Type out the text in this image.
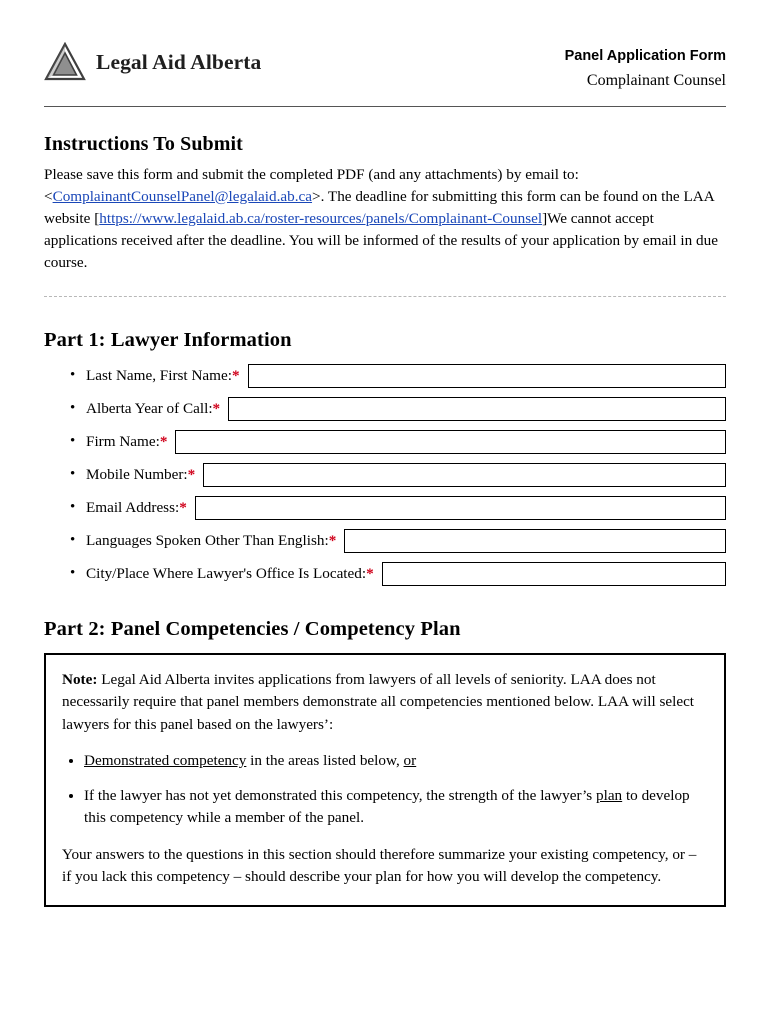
Legal Aid Alberta	Panel Application Form
Complainant Counsel
Instructions To Submit

Please save this form and submit the completed PDF (and any attachments) by email to: <ComplainantCounselPanel@legalaid.ab.ca>. The deadline for submitting this form can be found on the LAA website [https://www.legalaid.ab.ca/roster-resources/panels/Complainant-Counsel]We cannot accept applications received after the deadline. You will be informed of the results of your application by email in due course.

Part 1: Lawyer Information
• Last Name, First Name:*
• Alberta Year of Call:*
• Firm Name:*
• Mobile Number:*
• Email Address:*
• Languages Spoken Other Than English:*
• City/Place Where Lawyer's Office Is Located:*
Part 2: Panel Competencies / Competency Plan

Note: Legal Aid Alberta invites applications from lawyers of all levels of seniority. LAA does not necessarily require that panel members demonstrate all competencies mentioned below. LAA will select lawyers for this panel based on the lawyers’:

• Demonstrated competency in the areas listed below, or
• If the lawyer has not yet demonstrated this competency, the strength of the lawyer’s plan to develop this competency while a member of the panel.

Your answers to the questions in this section should therefore summarize your existing competency, or – if you lack this competency – should describe your plan for how you will develop the competency.
